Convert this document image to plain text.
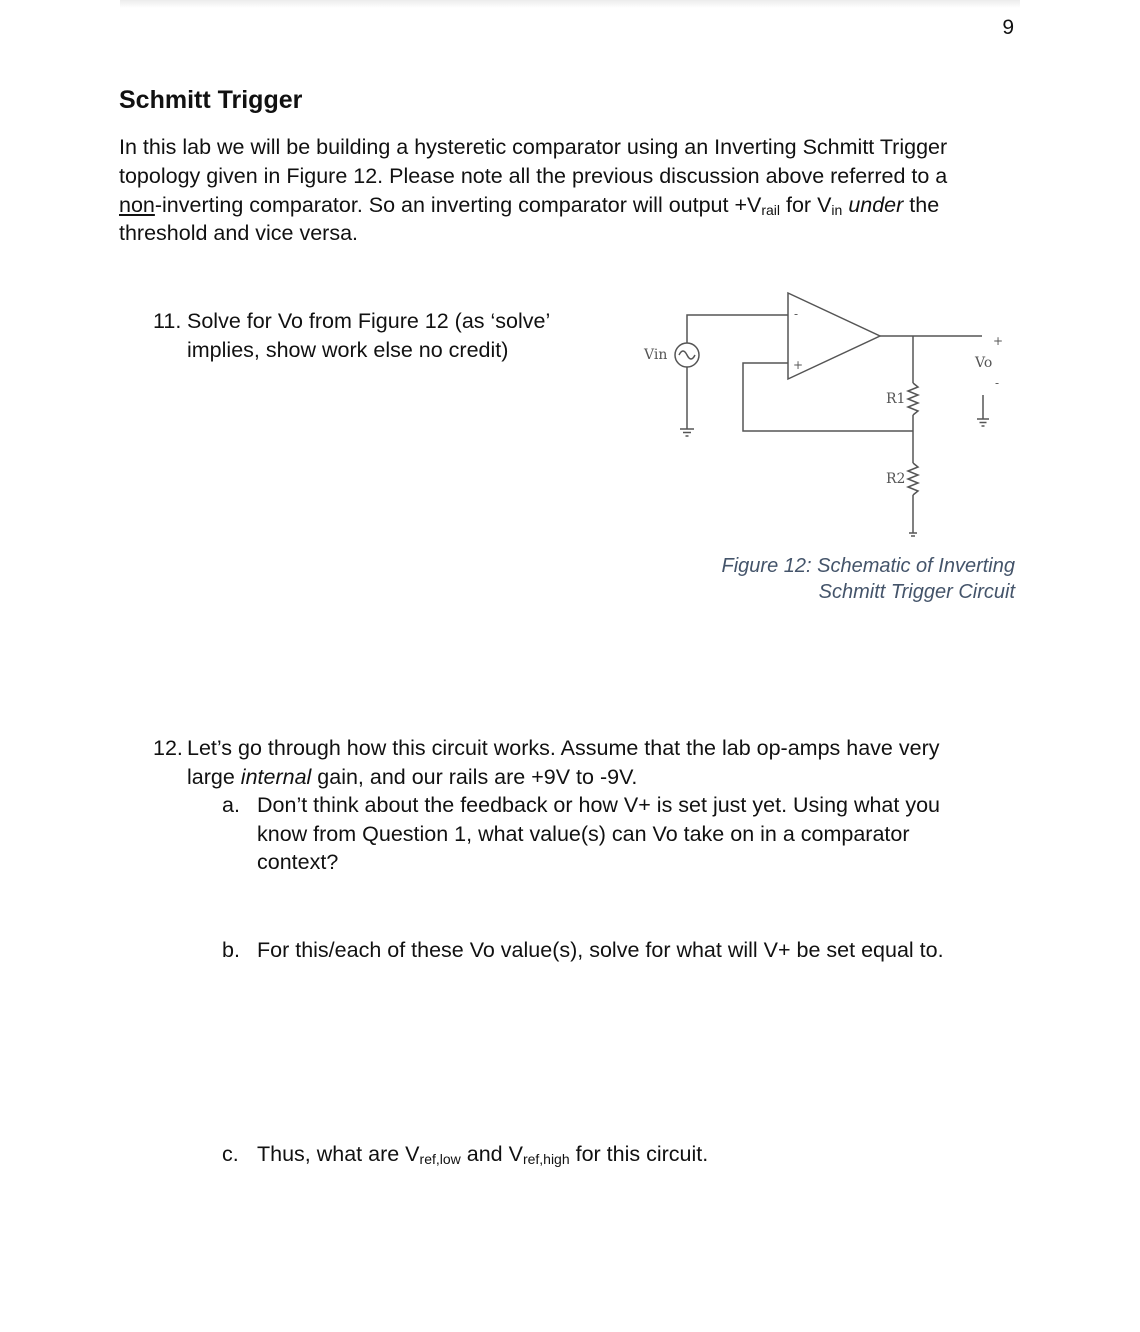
9
Schmitt Trigger

In this lab we will be building a hysteretic comparator using an Inverting Schmitt Trigger
topology given in Figure 12. Please note all the previous discussion above referred to a
non-inverting comparator. So an inverting comparator will output $+V_{rail}$ for $V_{in}$ under the
threshold and vice versa.

11. Solve for Vo from Figure 12 (as ‘solve’
implies, show work else no credit)	Vin
-
+
R1
R2
Vo
+
-
Figure 12: Schematic of Inverting
Schmitt Trigger Circuit
12. Let’s go through how this circuit works. Assume that the lab op-amps have very
large internal gain, and our rails are +9V to -9V.
a. Don’t think about the feedback or how V+ is set just yet. Using what you
know from Question 1, what value(s) can Vo take on in a comparator
context?
b. For this/each of these Vo value(s), solve for what will V+ be set equal to.
c. Thus, what are $V_{ref,low}$ and $V_{ref,high}$ for this circuit.
